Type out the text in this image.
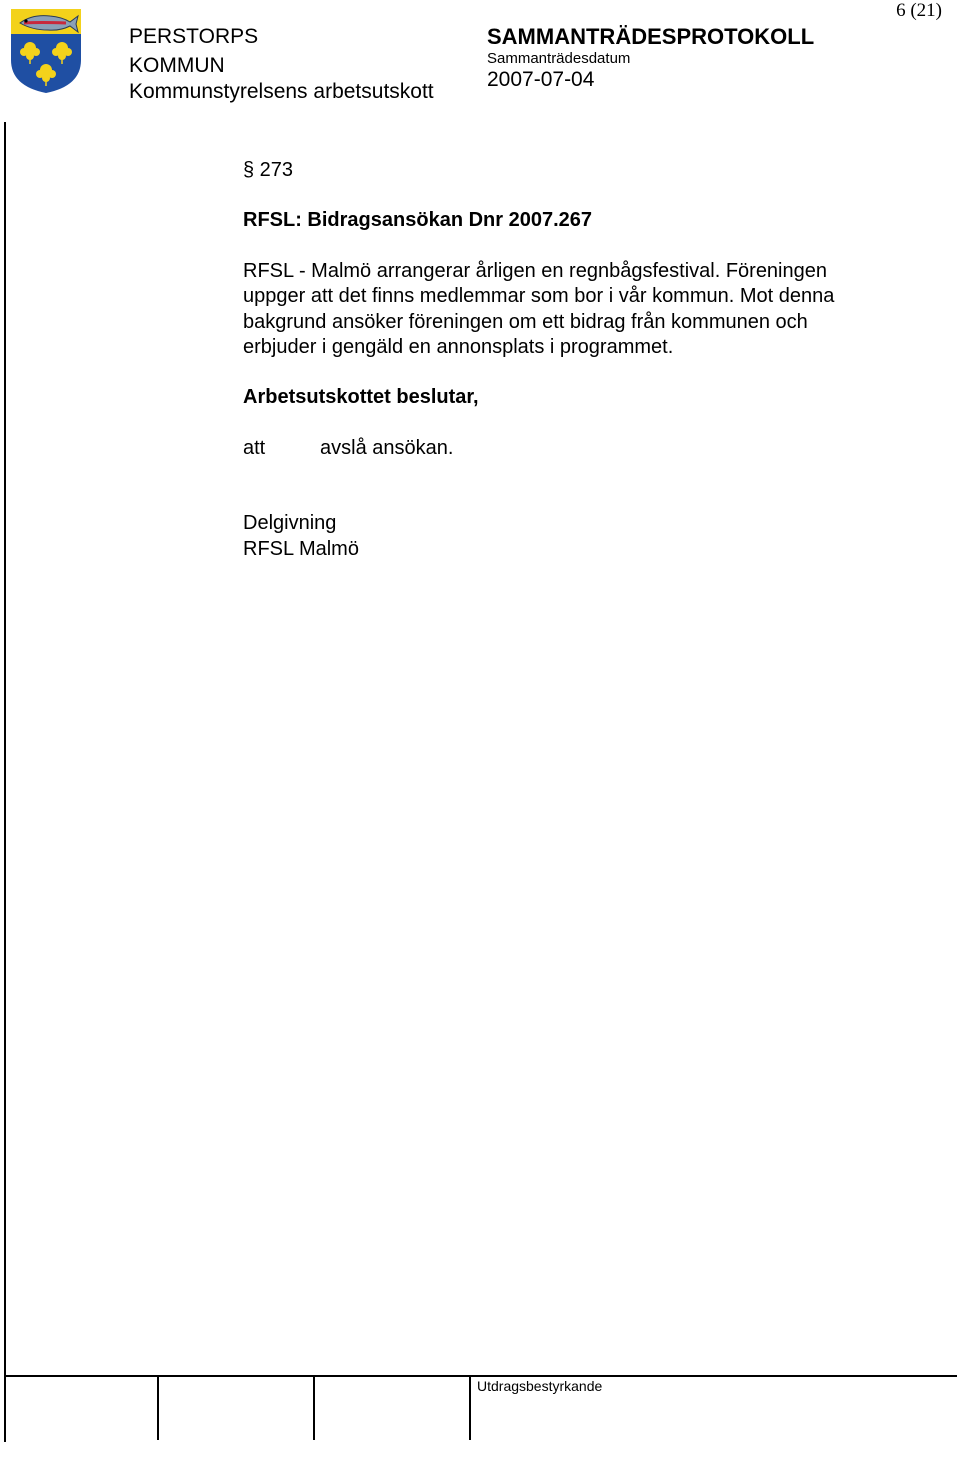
6 (21)
PERSTORPS
KOMMUN
Kommunstyrelsens arbetsutskott
SAMMANTRÄDESPROTOKOLL
Sammanträdesdatum
2007-07-04
§ 273
RFSL: Bidragsansökan Dnr 2007.267
RFSL - Malmö arrangerar årligen en regnbågsfestival. Föreningen uppger att det finns medlemmar som bor i vår kommun. Mot denna bakgrund ansöker föreningen om ett bidrag från kommunen och erbjuder i gengäld en annonsplats i programmet.
Arbetsutskottet beslutar,
att	avslå ansökan.
Delgivning
RFSL Malmö
Utdragsbestyrkande
